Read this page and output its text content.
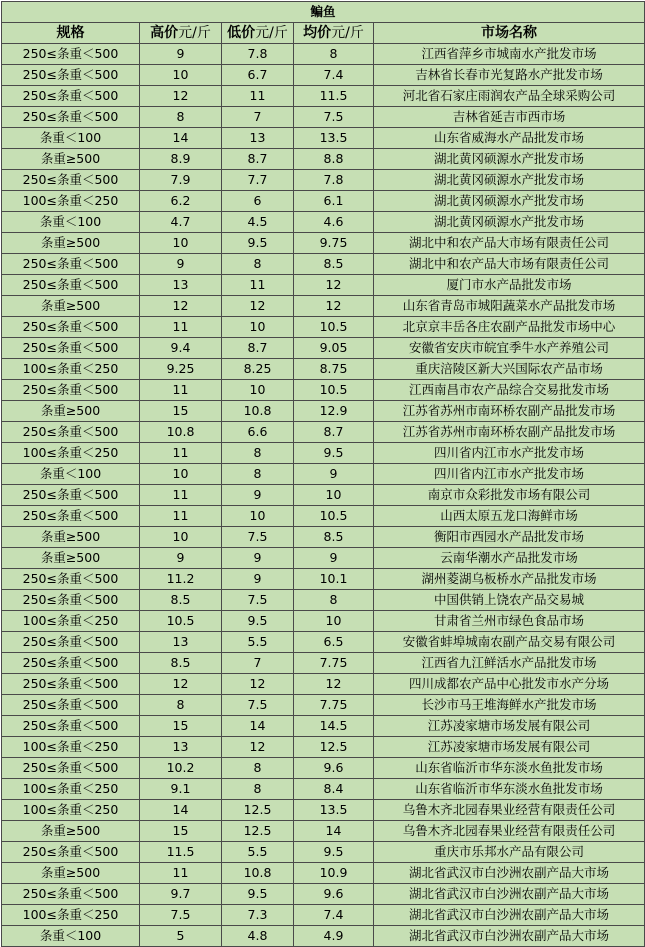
鳊鱼				
规格	高价元/斤	低价元/斤	均价元/斤	市场名称
250≤条重＜500	9	7.8	8	江西省萍乡市城南水产批发市场
250≤条重＜500	10	6.7	7.4	吉林省长春市光复路水产批发市场
250≤条重＜500	12	11	11.5	河北省石家庄雨润农产品全球采购公司
250≤条重＜500	8	7	7.5	吉林省延吉市西市场
条重＜100	14	13	13.5	山东省威海水产品批发市场
条重≥500	8.9	8.7	8.8	湖北黄冈硕源水产批发市场
250≤条重＜500	7.9	7.7	7.8	湖北黄冈硕源水产批发市场
100≤条重＜250	6.2	6	6.1	湖北黄冈硕源水产批发市场
条重＜100	4.7	4.5	4.6	湖北黄冈硕源水产批发市场
条重≥500	10	9.5	9.75	湖北中和农产品大市场有限责任公司
250≤条重＜500	9	8	8.5	湖北中和农产品大市场有限责任公司
250≤条重＜500	13	11	12	厦门市水产品批发市场
条重≥500	12	12	12	山东省青岛市城阳蔬菜水产品批发市场
250≤条重＜500	11	10	10.5	北京京丰岳各庄农副产品批发市场中心
250≤条重＜500	9.4	8.7	9.05	安徽省安庆市皖宜季牛水产养殖公司
100≤条重＜250	9.25	8.25	8.75	重庆涪陵区新大兴国际农产品市场
250≤条重＜500	11	10	10.5	江西南昌市农产品综合交易批发市场
条重≥500	15	10.8	12.9	江苏省苏州市南环桥农副产品批发市场
250≤条重＜500	10.8	6.6	8.7	江苏省苏州市南环桥农副产品批发市场
100≤条重＜250	11	8	9.5	四川省内江市水产批发市场
条重＜100	10	8	9	四川省内江市水产批发市场
250≤条重＜500	11	9	10	南京市众彩批发市场有限公司
250≤条重＜500	11	10	10.5	山西太原五龙口海鲜市场
条重≥500	10	7.5	8.5	衡阳市西园水产品批发市场
条重≥500	9	9	9	云南华潮水产品批发市场
250≤条重＜500	11.2	9	10.1	湖州菱湖乌板桥水产品批发市场
250≤条重＜500	8.5	7.5	8	中国供销上饶农产品交易城
100≤条重＜250	10.5	9.5	10	甘肃省兰州市绿色食品市场
250≤条重＜500	13	5.5	6.5	安徽省蚌埠城南农副产品交易有限公司
250≤条重＜500	8.5	7	7.75	江西省九江鲜活水产品批发市场
250≤条重＜500	12	12	12	四川成都农产品中心批发市水产分场
250≤条重＜500	8	7.5	7.75	长沙市马王堆海鲜水产批发市场
250≤条重＜500	15	14	14.5	江苏凌家塘市场发展有限公司
100≤条重＜250	13	12	12.5	江苏凌家塘市场发展有限公司
250≤条重＜500	10.2	8	9.6	山东省临沂市华东淡水鱼批发市场
100≤条重＜250	9.1	8	8.4	山东省临沂市华东淡水鱼批发市场
100≤条重＜250	14	12.5	13.5	乌鲁木齐北园春果业经营有限责任公司
条重≥500	15	12.5	14	乌鲁木齐北园春果业经营有限责任公司
250≤条重＜500	11.5	5.5	9.5	重庆市乐邦水产品有限公司
条重≥500	11	10.8	10.9	湖北省武汉市白沙洲农副产品大市场
250≤条重＜500	9.7	9.5	9.6	湖北省武汉市白沙洲农副产品大市场
100≤条重＜250	7.5	7.3	7.4	湖北省武汉市白沙洲农副产品大市场
条重＜100	5	4.8	4.9	湖北省武汉市白沙洲农副产品大市场
